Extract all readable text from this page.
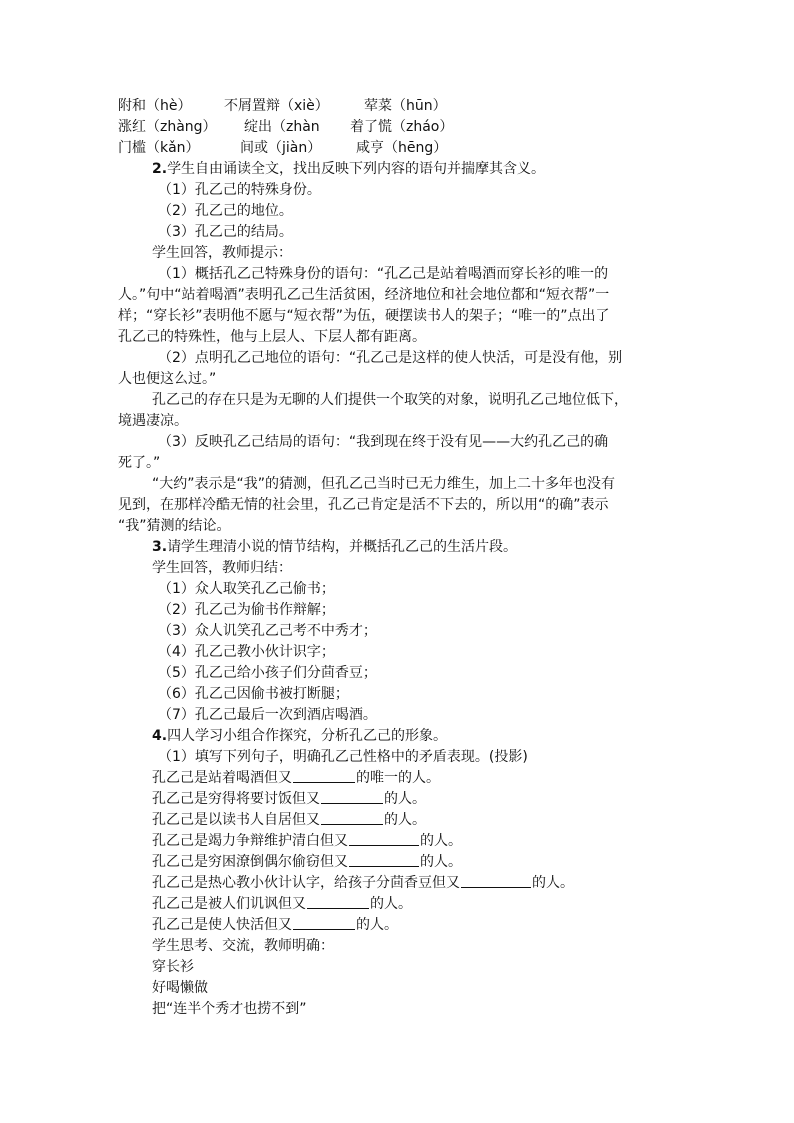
附和（hè） 不屑置辩（xiè）	荤菜（hūn）
涨红（zhàng） 绽出（zhàn 着了慌（zháo）
门槛（kǎn）	间或（jiàn） 咸亨（hēng）
2.学生自由诵读全文，找出反映下列内容的语句并揣摩其含义。
（1）孔乙己的特殊身份。
（2）孔乙己的地位。
（3）孔乙己的结局。
学生回答，教师提示：
（1）概括孔乙己特殊身份的语句：“孔乙己是站着喝酒而穿长衫的唯一的
人。”句中“站着喝酒”表明孔乙己生活贫困，经济地位和社会地位都和“短衣帮”一
样；“穿长衫”表明他不愿与“短衣帮”为伍，硬摆读书人的架子；“唯一的”点出了
孔乙己的特殊性，他与上层人、下层人都有距离。
（2）点明孔乙己地位的语句：“孔乙己是这样的使人快活，可是没有他，别
人也便这么过。”
孔乙己的存在只是为无聊的人们提供一个取笑的对象，说明孔乙己地位低下，
境遇凄凉。
（3）反映孔乙己结局的语句：“我到现在终于没有见——大约孔乙己的确
死了。”
“大约”表示是“我”的猜测，但孔乙己当时已无力维生，加上二十多年也没有
见到，在那样冷酷无情的社会里，孔乙己肯定是活不下去的，所以用“的确”表示
“我”猜测的结论。
3.请学生理清小说的情节结构，并概括孔乙己的生活片段。
学生回答，教师归结：
（1）众人取笑孔乙己偷书；
（2）孔乙己为偷书作辩解；
（3）众人讥笑孔乙己考不中秀才；
（4）孔乙己教小伙计识字；
（5）孔乙己给小孩子们分茴香豆；
（6）孔乙己因偷书被打断腿；
（7）孔乙己最后一次到酒店喝酒。
4.四人学习小组合作探究，分析孔乙己的形象。
（1）填写下列句子，明确孔乙己性格中的矛盾表现。(投影)
孔乙己是站着喝酒但又	的唯一的人。
孔乙己是穷得将要讨饭但又	的人。
孔乙己是以读书人自居但又	的人。
孔乙己是竭力争辩维护清白但又	的人。
孔乙己是穷困潦倒偶尔偷窃但又	的人。
孔乙己是热心教小伙计认字，给孩子分茴香豆但又	的人。
孔乙己是被人们讥讽但又	的人。
孔乙己是使人快活但又	的人。
学生思考、交流，教师明确：
穿长衫
好喝懒做
把“连半个秀才也捞不到”
